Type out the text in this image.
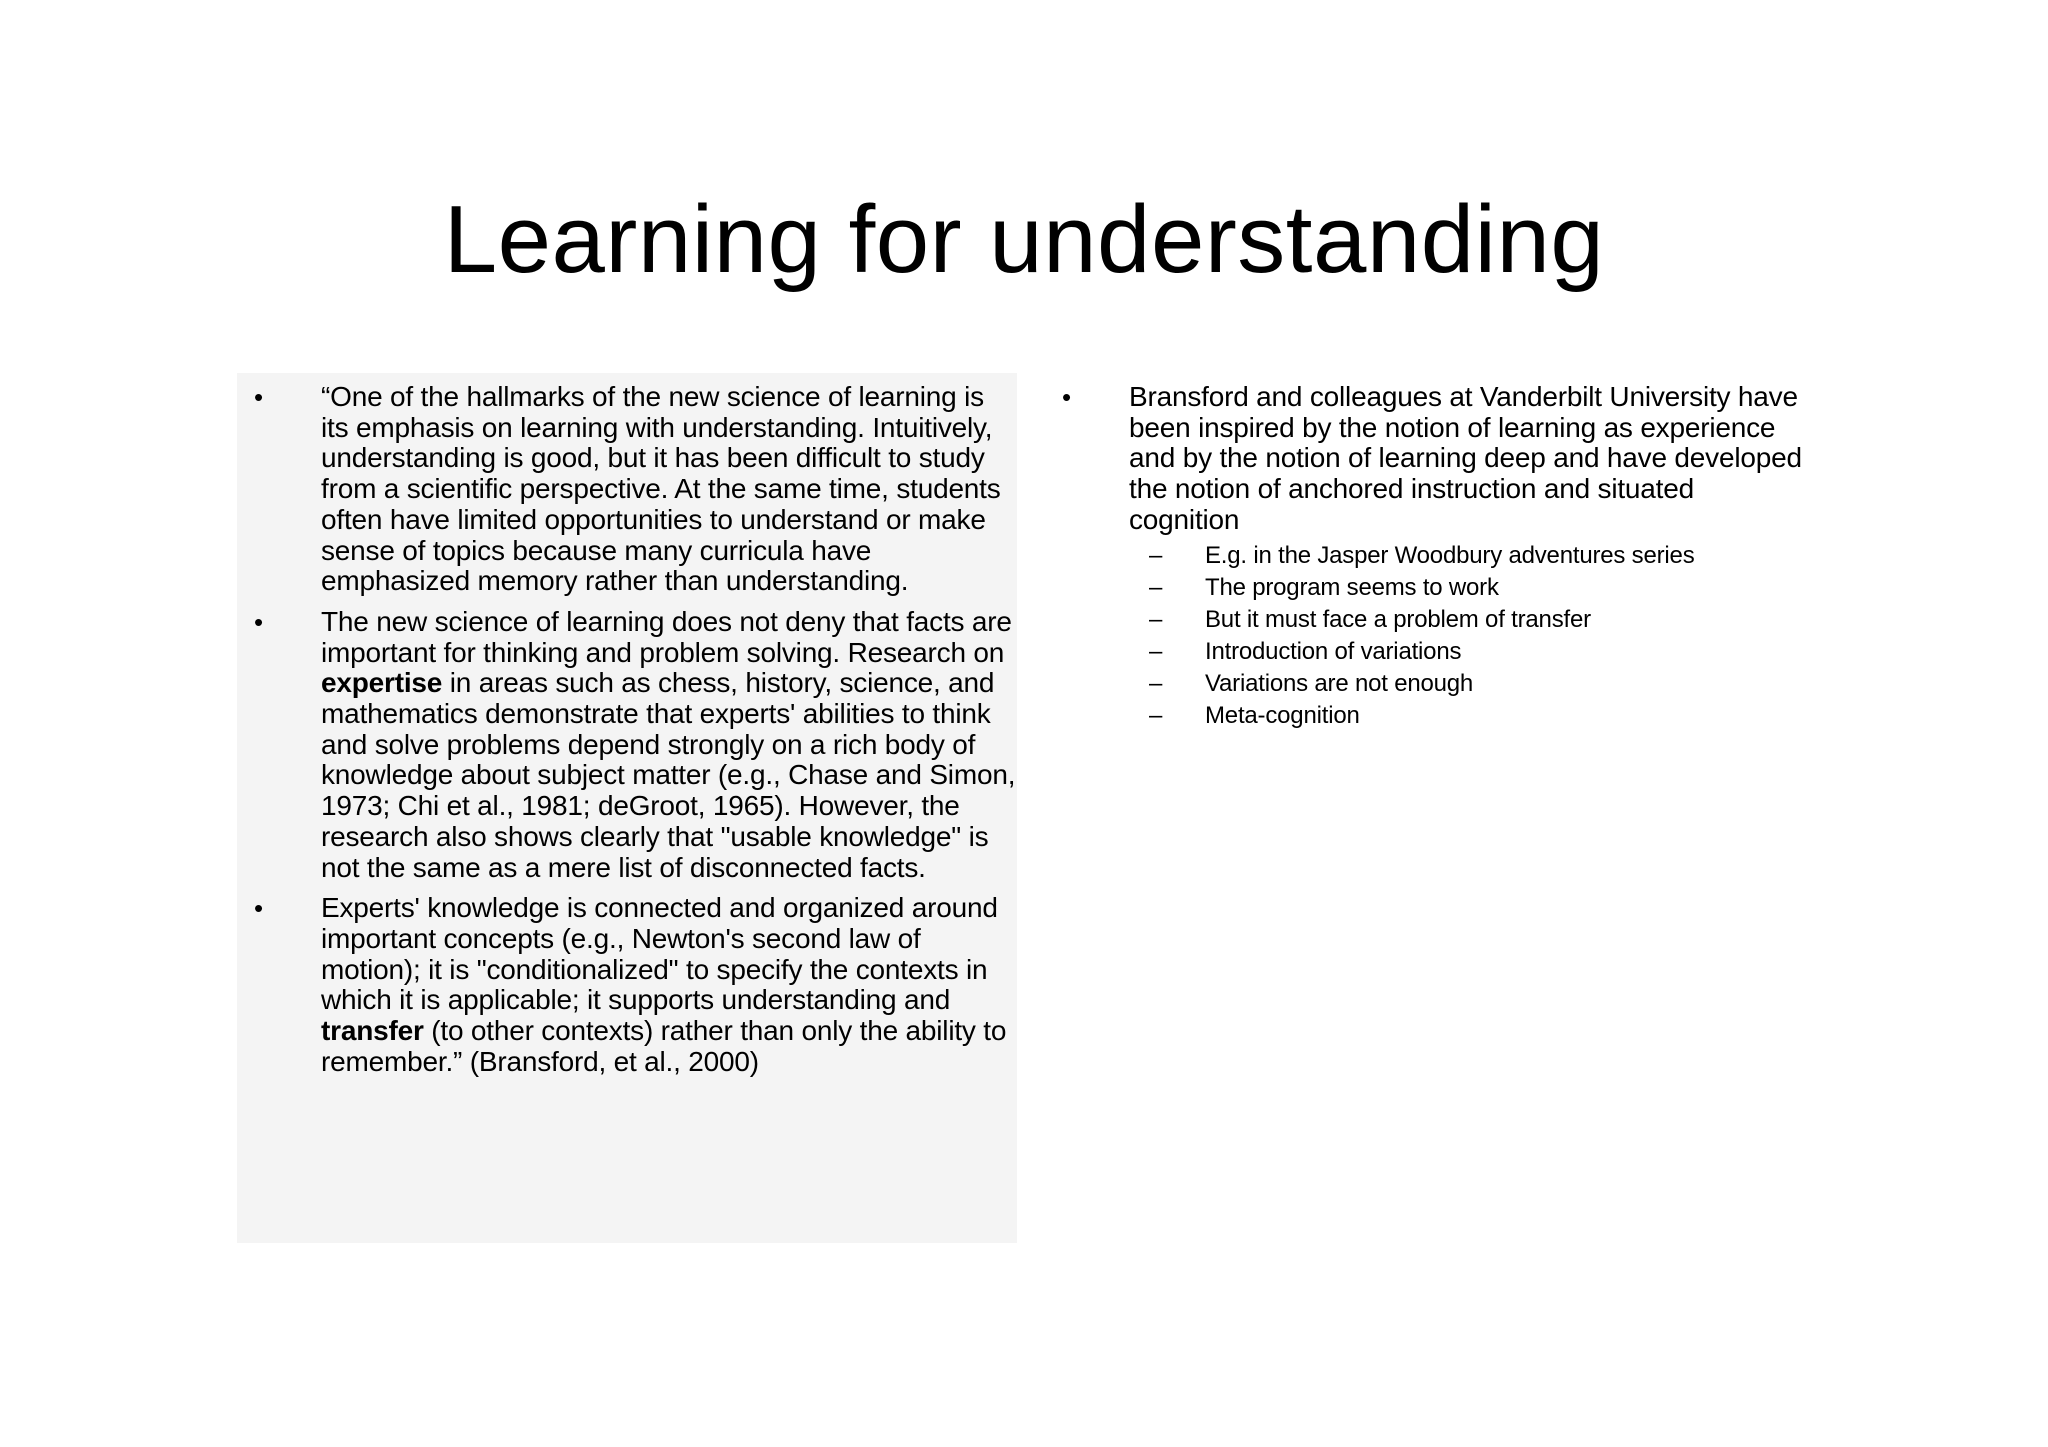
Learning for understanding
• “One of the hallmarks of the new science of learning is its emphasis on learning with understanding. Intuitively, understanding is good, but it has been difficult to study from a scientific perspective. At the same time, students often have limited opportunities to understand or make sense of topics because many curricula have emphasized memory rather than understanding.
• The new science of learning does not deny that facts are important for thinking and problem solving. Research on expertise in areas such as chess, history, science, and mathematics demonstrate that experts' abilities to think and solve problems depend strongly on a rich body of knowledge about subject matter (e.g., Chase and Simon, 1973; Chi et al., 1981; deGroot, 1965). However, the research also shows clearly that "usable knowledge" is not the same as a mere list of disconnected facts.
• Experts' knowledge is connected and organized around important concepts (e.g., Newton's second law of motion); it is "conditionalized" to specify the contexts in which it is applicable; it supports understanding and transfer (to other contexts) rather than only the ability to remember.” (Bransford, et al., 2000)
• Bransford and colleagues at Vanderbilt University have been inspired by the notion of learning as experience and by the notion of learning deep and have developed the notion of anchored instruction and situated cognition
– E.g. in the Jasper Woodbury adventures series
– The program seems to work
– But it must face a problem of transfer
– Introduction of variations
– Variations are not enough
– Meta-cognition
